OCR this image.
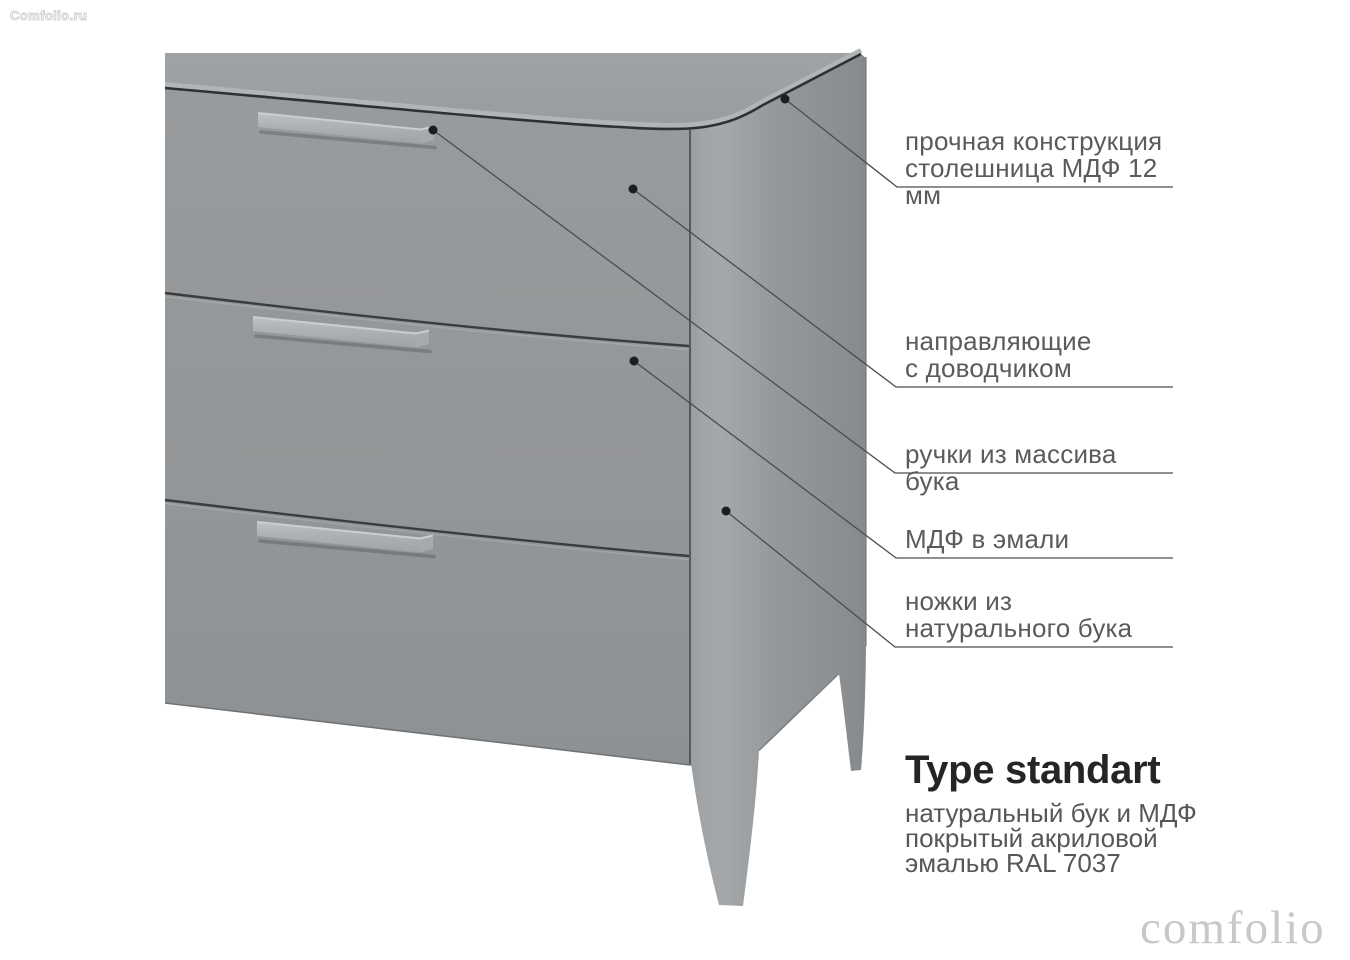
прочная конструкция
столешница МДФ 12 мм
направляющие
с доводчиком
ручки из массива бука
МДФ в эмали
ножки из
натурального бука
Type standart
натуральный бук и МДФ
покрытый акриловой
эмалью RAL 7037
Comfolio.ru
comfolio
